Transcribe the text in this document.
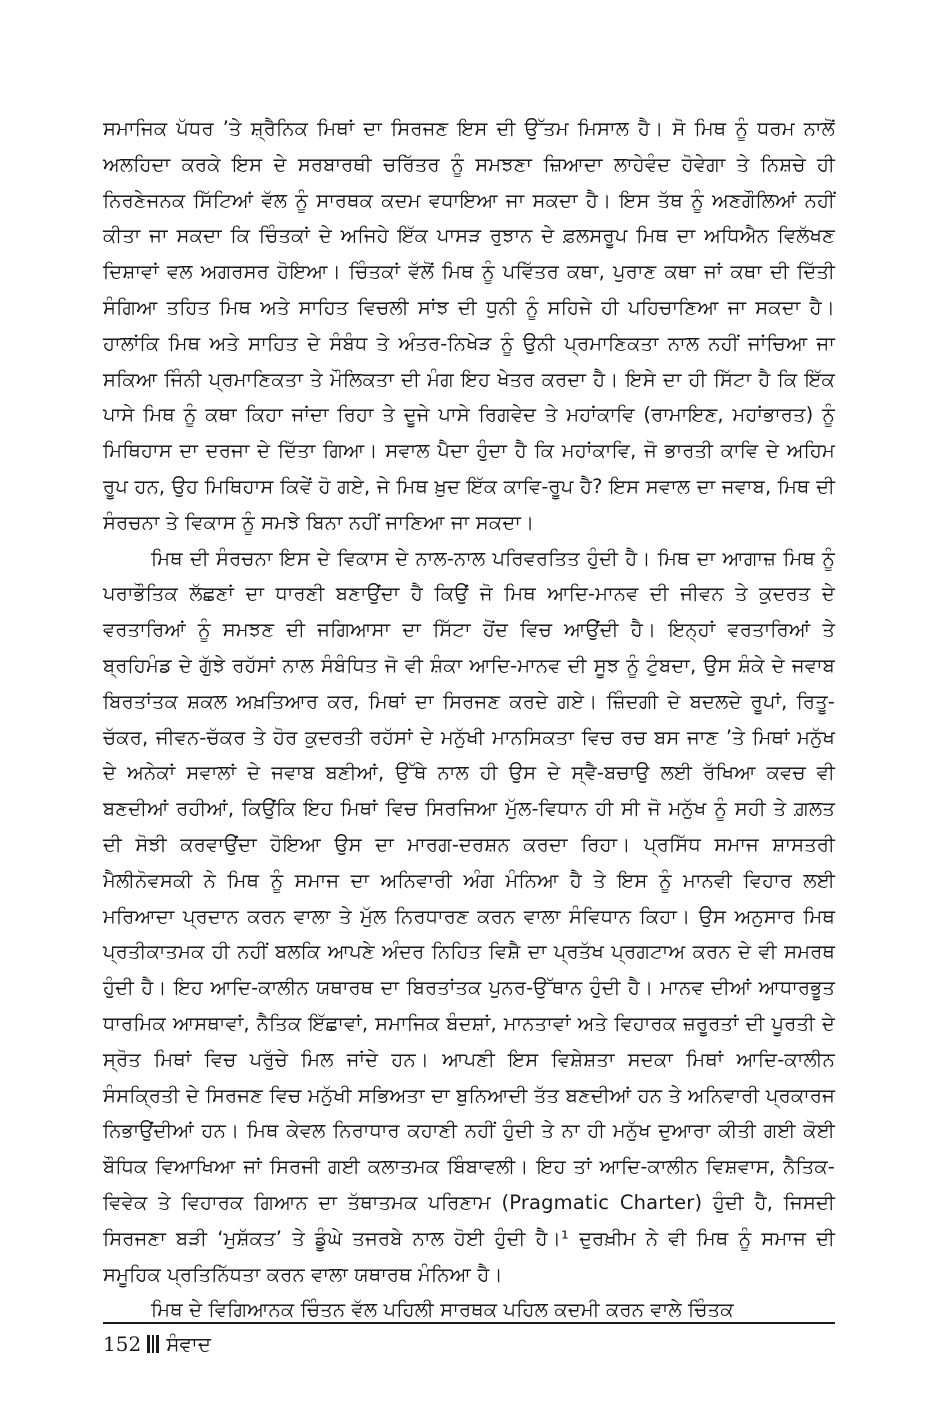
ਸਮਾਜਿਕ ਪੱਧਰ ’ਤੇ ਸ਼੍ਰੈਨਿਕ ਮਿਥਾਂ ਦਾ ਸਿਰਜਣ ਇਸ ਦੀ ਉੱਤਮ ਮਿਸਾਲ ਹੈ। ਸੋ ਮਿਥ ਨੂੰ ਧਰਮ ਨਾਲੋਂ ਅਲਹਿਦਾ ਕਰਕੇ ਇਸ ਦੇ ਸਰਬਾਰਥੀ ਚਰਿੱਤਰ ਨੂੰ ਸਮਝਣਾ ਜ਼ਿਆਦਾ ਲਾਹੇਵੰਦ ਹੋਵੇਗਾ ਤੇ ਨਿਸ਼ਚੇ ਹੀ ਨਿਰਣੇਜਨਕ ਸਿੱਟਿਆਂ ਵੱਲ ਨੂੰ ਸਾਰਥਕ ਕਦਮ ਵਧਾਇਆ ਜਾ ਸਕਦਾ ਹੈ। ਇਸ ਤੱਥ ਨੂੰ ਅਣਗੌਲਿਆਂ ਨਹੀਂ ਕੀਤਾ ਜਾ ਸਕਦਾ ਕਿ ਚਿੰਤਕਾਂ ਦੇ ਅਜਿਹੇ ਇੱਕ ਪਾਸੜ ਰੁਝਾਨ ਦੇ ਫ਼ਲਸਰੂਪ ਮਿਥ ਦਾ ਅਧਿਐਨ ਵਿਲੱਖਣ ਦਿਸ਼ਾਵਾਂ ਵਲ ਅਗਰਸਰ ਹੋਇਆ। ਚਿੰਤਕਾਂ ਵੱਲੋਂ ਮਿਥ ਨੂੰ ਪਵਿੱਤਰ ਕਥਾ, ਪੁਰਾਣ ਕਥਾ ਜਾਂ ਕਥਾ ਦੀ ਦਿੱਤੀ ਸੰਗਿਆ ਤਹਿਤ ਮਿਥ ਅਤੇ ਸਾਹਿਤ ਵਿਚਲੀ ਸਾਂਝ ਦੀ ਧੁਨੀ ਨੂੰ ਸਹਿਜੇ ਹੀ ਪਹਿਚਾਣਿਆ ਜਾ ਸਕਦਾ ਹੈ। ਹਾਲਾਂਕਿ ਮਿਥ ਅਤੇ ਸਾਹਿਤ ਦੇ ਸੰਬੰਧ ਤੇ ਅੰਤਰ-ਨਿਖੇੜ ਨੂੰ ਉਨੀ ਪ੍ਰਮਾਣਿਕਤਾ ਨਾਲ ਨਹੀਂ ਜਾਂਚਿਆ ਜਾ ਸਕਿਆ ਜਿੰਨੀ ਪ੍ਰਮਾਣਿਕਤਾ ਤੇ ਮੌਲਿਕਤਾ ਦੀ ਮੰਗ ਇਹ ਖੇਤਰ ਕਰਦਾ ਹੈ। ਇਸੇ ਦਾ ਹੀ ਸਿੱਟਾ ਹੈ ਕਿ ਇੱਕ ਪਾਸੇ ਮਿਥ ਨੂੰ ਕਥਾ ਕਿਹਾ ਜਾਂਦਾ ਰਿਹਾ ਤੇ ਦੂਜੇ ਪਾਸੇ ਰਿਗਵੇਦ ਤੇ ਮਹਾਂਕਾਵਿ (ਰਾਮਾਇਣ, ਮਹਾਂਭਾਰਤ) ਨੂੰ ਮਿਥਿਹਾਸ ਦਾ ਦਰਜਾ ਦੇ ਦਿੱਤਾ ਗਿਆ। ਸਵਾਲ ਪੈਦਾ ਹੁੰਦਾ ਹੈ ਕਿ ਮਹਾਂਕਾਵਿ, ਜੋ ਭਾਰਤੀ ਕਾਵਿ ਦੇ ਅਹਿਮ ਰੂਪ ਹਨ, ਉਹ ਮਿਥਿਹਾਸ ਕਿਵੇਂ ਹੋ ਗਏ, ਜੇ ਮਿਥ ਖ਼ੁਦ ਇੱਕ ਕਾਵਿ-ਰੂਪ ਹੈ? ਇਸ ਸਵਾਲ ਦਾ ਜਵਾਬ, ਮਿਥ ਦੀ ਸੰਰਚਨਾ ਤੇ ਵਿਕਾਸ ਨੂੰ ਸਮਝੇ ਬਿਨਾ ਨਹੀਂ ਜਾਣਿਆ ਜਾ ਸਕਦਾ।

ਮਿਥ ਦੀ ਸੰਰਚਨਾ ਇਸ ਦੇ ਵਿਕਾਸ ਦੇ ਨਾਲ-ਨਾਲ ਪਰਿਵਰਤਿਤ ਹੁੰਦੀ ਹੈ। ਮਿਥ ਦਾ ਆਗਾਜ਼ ਮਿਥ ਨੂੰ ਪਰਾਭੌਤਿਕ ਲੱਛਣਾਂ ਦਾ ਧਾਰਣੀ ਬਣਾਉਂਦਾ ਹੈ ਕਿਉਂ ਜੋ ਮਿਥ ਆਦਿ-ਮਾਨਵ ਦੀ ਜੀਵਨ ਤੇ ਕੁਦਰਤ ਦੇ ਵਰਤਾਰਿਆਂ ਨੂੰ ਸਮਝਣ ਦੀ ਜਗਿਆਸਾ ਦਾ ਸਿੱਟਾ ਹੋਂਦ ਵਿਚ ਆਉਂਦੀ ਹੈ। ਇਨ੍ਹਾਂ ਵਰਤਾਰਿਆਂ ਤੇ ਬ੍ਰਹਿਮੰਡ ਦੇ ਗੁੱਝੇ ਰਹੱਸਾਂ ਨਾਲ ਸੰਬੰਧਿਤ ਜੋ ਵੀ ਸ਼ੰਕਾ ਆਦਿ-ਮਾਨਵ ਦੀ ਸੂਝ ਨੂੰ ਟੁੰਬਦਾ, ਉਸ ਸ਼ੰਕੇ ਦੇ ਜਵਾਬ ਬਿਰਤਾਂਤਕ ਸ਼ਕਲ ਅਖ਼ਤਿਆਰ ਕਰ, ਮਿਥਾਂ ਦਾ ਸਿਰਜਣ ਕਰਦੇ ਗਏ। ਜ਼ਿੰਦਗੀ ਦੇ ਬਦਲਦੇ ਰੂਪਾਂ, ਰਿਤੂ-ਚੱਕਰ, ਜੀਵਨ-ਚੱਕਰ ਤੇ ਹੋਰ ਕੁਦਰਤੀ ਰਹੱਸਾਂ ਦੇ ਮਨੁੱਖੀ ਮਾਨਸਿਕਤਾ ਵਿਚ ਰਚ ਬਸ ਜਾਣ ’ਤੇ ਮਿਥਾਂ ਮਨੁੱਖ ਦੇ ਅਨੇਕਾਂ ਸਵਾਲਾਂ ਦੇ ਜਵਾਬ ਬਣੀਆਂ, ਉੱਥੇ ਨਾਲ ਹੀ ਉਸ ਦੇ ਸ੍ਵੈ-ਬਚਾਉ ਲਈ ਰੱਖਿਆ ਕਵਚ ਵੀ ਬਣਦੀਆਂ ਰਹੀਆਂ, ਕਿਉਂਕਿ ਇਹ ਮਿਥਾਂ ਵਿਚ ਸਿਰਜਿਆ ਮੁੱਲ-ਵਿਧਾਨ ਹੀ ਸੀ ਜੋ ਮਨੁੱਖ ਨੂੰ ਸਹੀ ਤੇ ਗ਼ਲਤ ਦੀ ਸੋਝੀ ਕਰਵਾਉਂਦਾ ਹੋਇਆ ਉਸ ਦਾ ਮਾਰਗ-ਦਰਸ਼ਨ ਕਰਦਾ ਰਿਹਾ। ਪ੍ਰਸਿੱਧ ਸਮਾਜ ਸ਼ਾਸਤਰੀ ਮੈਲੀਨੋਵਸਕੀ ਨੇ ਮਿਥ ਨੂੰ ਸਮਾਜ ਦਾ ਅਨਿਵਾਰੀ ਅੰਗ ਮੰਨਿਆ ਹੈ ਤੇ ਇਸ ਨੂੰ ਮਾਨਵੀ ਵਿਹਾਰ ਲਈ ਮਰਿਆਦਾ ਪ੍ਰਦਾਨ ਕਰਨ ਵਾਲਾ ਤੇ ਮੁੱਲ ਨਿਰਧਾਰਣ ਕਰਨ ਵਾਲਾ ਸੰਵਿਧਾਨ ਕਿਹਾ। ਉਸ ਅਨੁਸਾਰ ਮਿਥ ਪ੍ਰਤੀਕਾਤਮਕ ਹੀ ਨਹੀਂ ਬਲਕਿ ਆਪਣੇ ਅੰਦਰ ਨਿਹਿਤ ਵਿਸ਼ੈ ਦਾ ਪ੍ਰਤੱਖ ਪ੍ਰਗਟਾਅ ਕਰਨ ਦੇ ਵੀ ਸਮਰਥ ਹੁੰਦੀ ਹੈ। ਇਹ ਆਦਿ-ਕਾਲੀਨ ਯਥਾਰਥ ਦਾ ਬਿਰਤਾਂਤਕ ਪੁਨਰ-ਉੱਥਾਨ ਹੁੰਦੀ ਹੈ। ਮਾਨਵ ਦੀਆਂ ਆਧਾਰਭੂਤ ਧਾਰਮਿਕ ਆਸਥਾਵਾਂ, ਨੈਤਿਕ ਇੱਛਾਵਾਂ, ਸਮਾਜਿਕ ਬੰਦਸ਼ਾਂ, ਮਾਨਤਾਵਾਂ ਅਤੇ ਵਿਹਾਰਕ ਜ਼ਰੂਰਤਾਂ ਦੀ ਪੂਰਤੀ ਦੇ ਸ੍ਰੋਤ ਮਿਥਾਂ ਵਿਚ ਪਰੁੱਚੇ ਮਿਲ ਜਾਂਦੇ ਹਨ। ਆਪਣੀ ਇਸ ਵਿਸ਼ੇਸ਼ਤਾ ਸਦਕਾ ਮਿਥਾਂ ਆਦਿ-ਕਾਲੀਨ ਸੰਸਕ੍ਰਿਤੀ ਦੇ ਸਿਰਜਣ ਵਿਚ ਮਨੁੱਖੀ ਸਭਿਅਤਾ ਦਾ ਬੁਨਿਆਦੀ ਤੱਤ ਬਣਦੀਆਂ ਹਨ ਤੇ ਅਨਿਵਾਰੀ ਪ੍ਰਕਾਰਜ ਨਿਭਾਉਂਦੀਆਂ ਹਨ। ਮਿਥ ਕੇਵਲ ਨਿਰਾਧਾਰ ਕਹਾਣੀ ਨਹੀਂ ਹੁੰਦੀ ਤੇ ਨਾ ਹੀ ਮਨੁੱਖ ਦੁਆਰਾ ਕੀਤੀ ਗਈ ਕੋਈ ਬੌਧਿਕ ਵਿਆਖਿਆ ਜਾਂ ਸਿਰਜੀ ਗਈ ਕਲਾਤਮਕ ਬਿੰਬਾਵਲੀ। ਇਹ ਤਾਂ ਆਦਿ-ਕਾਲੀਨ ਵਿਸ਼ਵਾਸ, ਨੈਤਿਕ-ਵਿਵੇਕ ਤੇ ਵਿਹਾਰਕ ਗਿਆਨ ਦਾ ਤੱਥਾਤਮਕ ਪਰਿਣਾਮ (Pragmatic Charter) ਹੁੰਦੀ ਹੈ, ਜਿਸਦੀ ਸਿਰਜਣਾ ਬੜੀ ‘ਮੁਸ਼ੱਕਤ’ ਤੇ ਡੂੰਘੇ ਤਜਰਬੇ ਨਾਲ ਹੋਈ ਹੁੰਦੀ ਹੈ।¹ ਦੁਰਖ਼ੀਮ ਨੇ ਵੀ ਮਿਥ ਨੂੰ ਸਮਾਜ ਦੀ ਸਮੂਹਿਕ ਪ੍ਰਤਿਨਿੱਧਤਾ ਕਰਨ ਵਾਲਾ ਯਥਾਰਥ ਮੰਨਿਆ ਹੈ।

ਮਿਥ ਦੇ ਵਿਗਿਆਨਕ ਚਿੰਤਨ ਵੱਲ ਪਹਿਲੀ ਸਾਰਥਕ ਪਹਿਲ ਕਦਮੀ ਕਰਨ ਵਾਲੇ ਚਿੰਤਕ

152 ਸੰਵਾਦ
